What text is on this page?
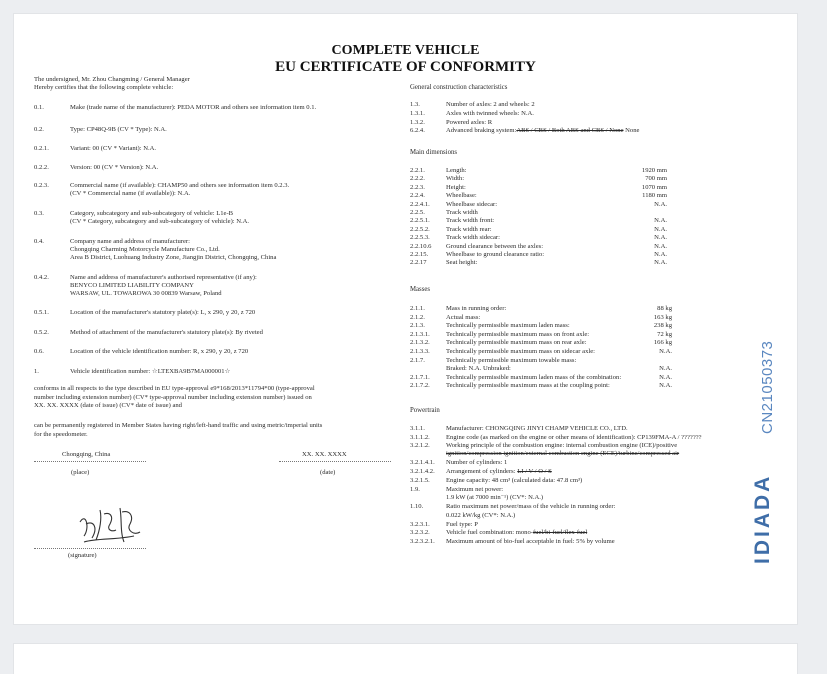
COMPLETE VEHICLE
EU CERTIFICATE OF CONFORMITY
The undersigned, Mr. Zhou Changming / General Manager
Hereby certifies that the following complete vehicle:
0.1.	Make (trade name of the manufacturer): PEDA MOTOR and others see information item 0.1.
0.2.	Type: CP48Q-9B (CV * Type): N.A.
0.2.1.	Variant: 00 (CV * Variant): N.A.
0.2.2.	Version: 00 (CV * Version): N.A.
0.2.3.	Commercial name (if available): CHAMP50 and others see information item 0.2.3.
(CV * Commercial name (if available)): N.A.
0.3.	Category, subcategory and sub-subcategory of vehicle: L1e-B
(CV * Category, subcategory and sub-subcategory of vehicle): N.A.
0.4.	Company name and address of manufacturer:
Chongqing Charming Motorcycle Manufacture Co., Ltd.
Area B District, Luohuang Industry Zone, Jiangjin District, Chongqing, China
0.4.2.	Name and address of manufacturer's authorised representative (if any):
BENYCO LIMITED LIABILITY COMPANY
WARSAW, UL. TOWAROWA 30 00839 Warsaw, Poland
0.5.1.	Location of the manufacturer's statutory plate(s): L, x 290, y 20, z 720
0.5.2.	Method of attachment of the manufacturer's statutory plate(s): By riveted
0.6.	Location of the vehicle identification number: R, x 290, y 20, z 720
1.	Vehicle identification number: ☆LTEXBA9B7MA000001☆
conforms in all respects to the type described in EU type-approval e9*168/2013*11794*00 (type-approval
number including extension number) (CV* type-approval number including extension number) issued on
XX. XX. XXXX (date of issue) (CV* date of issue) and
can be permanently registered in Member States having right/left-hand traffic and using metric/imperial units
for the speedometer.
Chongqing, China	XX. XX. XXXX
(place)	(date)
(signature)
General construction characteristics
1.3.	Number of axles: 2 and wheels: 2
1.3.1.	Axles with twinned wheels: N.A.
1.3.2.	Powered axles: R
6.2.4.	Advanced braking system:ABS / CBS / Both ABS and CBS / None None
Main dimensions
2.2.1.	Length:	1920 mm
2.2.2.	Width:	700 mm
2.2.3.	Height:	1070 mm
2.2.4.	Wheelbase:	1180 mm
2.2.4.1. Wheelbase sidecar:	N.A.
2.2.5.	Track width
2.2.5.1. Track width front:	N.A.
2.2.5.2. Track width rear:	N.A.
2.2.5.3. Track width sidecar:	N.A.
2.2.10.6 Ground clearance between the axles:	N.A.
2.2.15.	Wheelbase to ground clearance ratio:	N.A.
2.2.17	Seat height:	N.A.
Masses
2.1.1.	Mass in running order:	88 kg
2.1.2.	Actual mass:	163 kg
2.1.3.	Technically permissible maximum laden mass:	238 kg
2.1.3.1. Technically permissible maximum mass on front axle:	72 kg
2.1.3.2. Technically permissible maximum mass on rear axle:	166 kg
2.1.3.3. Technically permissible maximum mass on sidecar axle:	N.A.
2.1.7.	Technically permissible maximum towable mass:
Braked: N.A. Unbraked:	N.A.
2.1.7.1. Technically permissible maximum laden mass of the combination:	N.A.
2.1.7.2. Technically permissible maximum mass at the coupling point:	N.A.
Powertrain
3.1.1.	Manufacturer: CHONGQING JINYI CHAMP VEHICLE CO., LTD.
3.1.1.2. Engine code (as marked on the engine or other means of identification): CP139FMA-A / ???????
3.2.1.2. Working principle of the combustion engine: internal combustion engine (ICE)/positive
ignition/compression ignition/external combustion engine (ECE)/turbine/compressed air
3.2.1.4.1. Number of cylinders: 1
3.2.1.4.2. Arrangement of cylinders: LI / V / O / S
3.2.1.5. Engine capacity: 48 cm³ (calculated data: 47.8 cm³)
1.9.	Maximum net power:
1.9 kW (at 7000 min⁻¹) (CV*: N.A.)
1.10.	Ratio maximum net power/mass of the vehicle in running order:
0.022 kW/kg (CV*: N.A.)
3.2.3.1. Fuel type: P
3.2.3.2. Vehicle fuel combination: mono-fuel/bi-fuel/flex-fuel
3.2.3.2.1. Maximum amount of bio-fuel acceptable in fuel: 5% by volume
CN21050373
IDIADA
